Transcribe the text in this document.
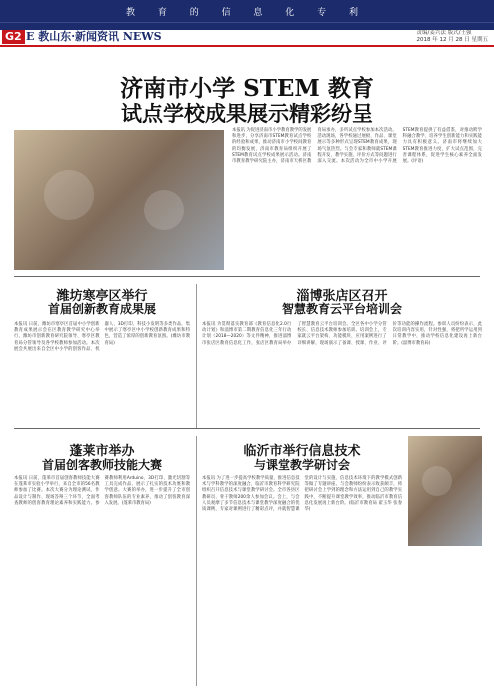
教 育 的 信 息 化 专 利
G2 E 教山东·新闻资讯 NEWS	责编/姜兴法 版式/王强
2018 年 12 月 28 日 星期五
济南市小学 STEM 教育
试点学校成果展示精彩纷呈
本报讯 为促进济南市小学教育教学的发展和进步，分享济南市STEM教育试点学校的经验和成果，推动济南市小学校间教育的均衡发展，济南市教育局组织开展了STEM教育试点学校成果展示活动。济南市教育教学研究院主办，济南市天桥区教育局承办，多所试点学校参加本次活动。活动现场，各学校通过展板、作品、课堂展示等多种形式呈现STEM教育成果，现场气氛热烈。与会专家和教师就STEM课程开发、教学实施、评价方式等问题进行深入交流。本次活动为全市中小学开展STEM教育提供了有益借鉴，对推动跨学科融合教学、培养学生创新能力和实践能力具有积极意义。济南市将继续加大STEM教育推进力度，扩大试点范围，完善课程体系，促进学生核心素养全面发展。(评语)
潍坊寒亭区举行
首届创新教育成果展
本报讯 日前，潍坊市寒亭区首届中小学创新教育成果展示会在区教育教学研究中心举行，潍坊市创新教育研究院领导、寒亭区教育局分管领导及各学校教师参加活动。本次展会共展出来自全区中小学的创客作品、机器人、3D打印、科技小发明等多类作品，集中展示了寒亭区中小学校创新教育成果和特色，营造了浓厚的创新教育氛围。(潍坊市教育局)
淄博张店区召开
智慧教育云平台培训会
本报讯 为贯彻落实教育部《教育信息化2.0行动计划》和淄博市第二期教育信息化三年行动计划（2018—2020）等文件精神，推进淄博市张店区教育信息化工作，张店区教育局举办了智慧教育云平台培训会。全区各中小学分管校长、信息技术教师参加培训。培训会上，专家就云平台架构、功能模块、应用案例进行了详细讲解，现场演示了备课、授课、作业、评价等功能的操作流程。参训人员纷纷表示，此次培训内容实用，针对性强，将把所学运用到日常教学中，推动学校信息化建设再上新台阶。(淄博市教育局)
蓬莱市举办
首届创客教师技能大赛
本报讯 日前，蓬莱市首届创客教师技能大赛在蓬莱市实验小学举行，来自全市的56名教师参加了比赛。本次大赛分为理论测试、作品设计与制作、现场答辩三个环节，全面考查教师的创客教育理论素养和实践能力。参赛教师利用Arduino、3D打印、激光切割等工具完成作品，展示了扎实的技术功底和教学创意。大赛的举办，进一步提升了全市创客教师队伍的专业素养，推动了创客教育深入发展。(蓬莱市教育局)
临沂市举行信息技术
与课堂教学研讨会
本报讯 为了进一步提高学校教学质量，推进信息技术与学科教学的深度融合，临沂市教育科学研究院组织召开信息技术与课堂教学研讨会。全市各县区教研员、骨干教师200余人参加会议。会上，与会人员观摩了多节信息技术与课堂教学深度融合的优质课例，专家对课例进行了精彩点评，并就智慧课堂的设计与实施、信息技术环境下的教学模式创新等做了专题讲座。与会教师纷纷表示收获颇丰，将把研讨会上学到的理念和方法运用到自己的教学实践中，不断提升课堂教学效率，推动临沂市教育信息化发展再上新台阶。(临沂市教育局 翟玉华 张春华)
